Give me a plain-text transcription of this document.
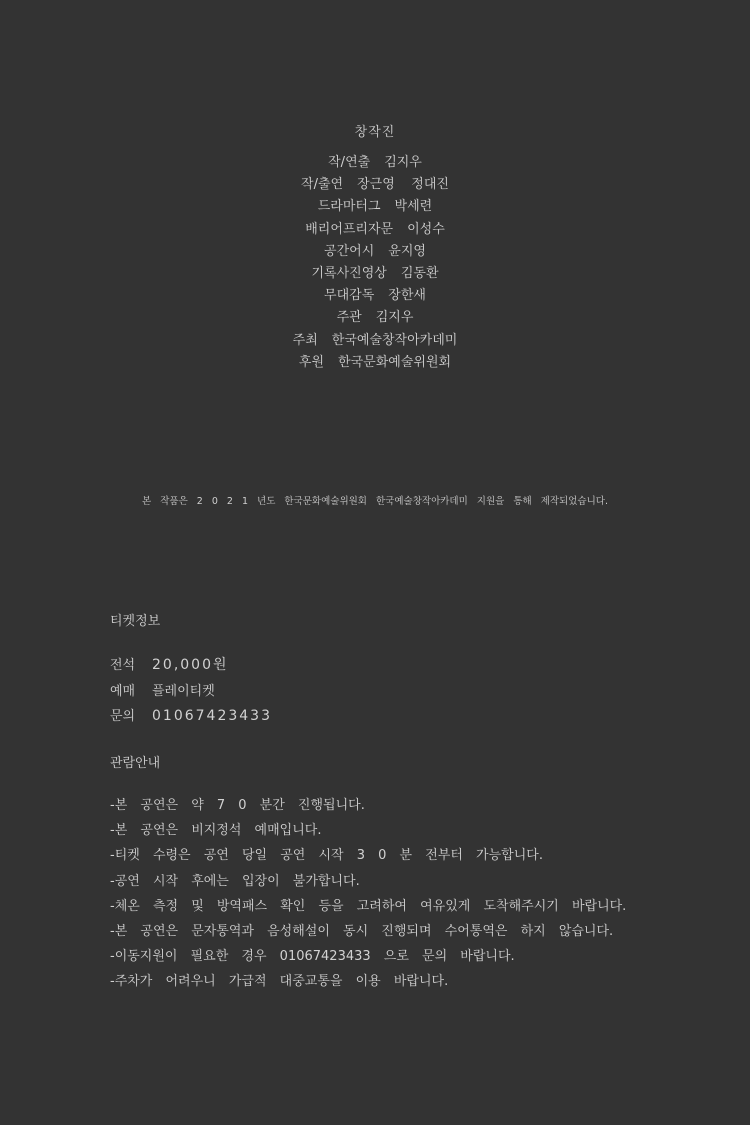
창작진
작/연출 김지우
작/출연 장근영    정대진
드라마터그 박세련
배리어프리자문 이성수
공간어시 윤지영
기록사진영상 김동환
무대감독 장한새
주관 김지우
주최 한국예술창작아카데미
후원 한국문화예술위원회
본 작품은 2 0 2 1 년도 한국문화예술위원회 한국예술창작아카데미 지원을 통해 제작되었습니다.
티켓정보
전석 20,000원
예매 플레이티켓
문의 01067423433
관람안내
-본 공연은 약 7 0 분간 진행됩니다.
-본 공연은 비지정석 예매입니다.
-티켓 수령은 공연 당일 공연 시작 3 0 분 전부터 가능합니다.
-공연 시작 후에는 입장이 불가합니다.
-체온 측정 및 방역패스 확인 등을 고려하여 여유있게 도착해주시기 바랍니다.
-본 공연은 문자통역과 음성해설이 동시 진행되며 수어통역은 하지 않습니다.
-이동지원이 필요한 경우 01067423433 으로 문의 바랍니다.
-주차가 어려우니 가급적 대중교통을 이용 바랍니다.
